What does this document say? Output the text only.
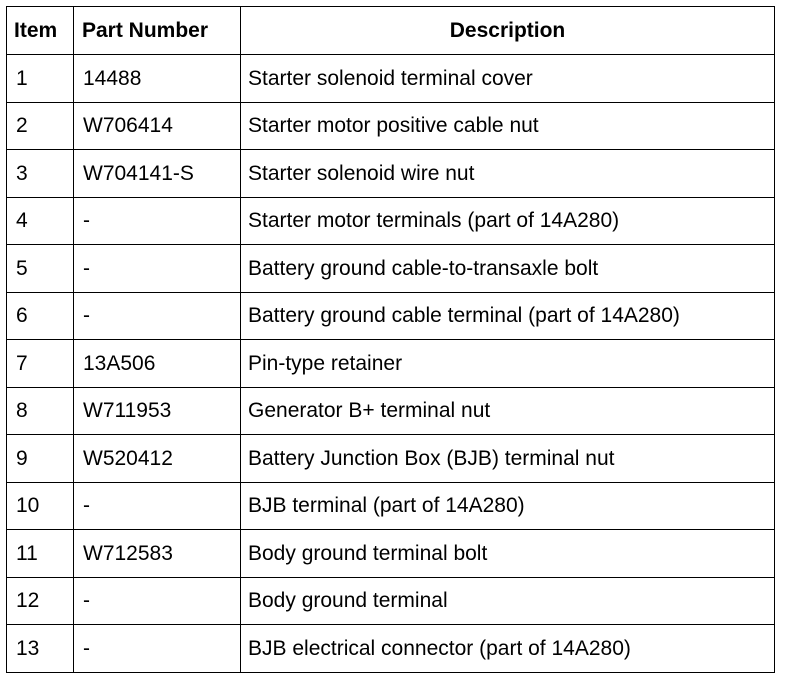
Item	Part Number	Description
1	14488	Starter solenoid terminal cover
2	W706414	Starter motor positive cable nut
3	W704141-S	Starter solenoid wire nut
4	-	Starter motor terminals (part of 14A280)
5	-	Battery ground cable-to-transaxle bolt
6	-	Battery ground cable terminal (part of 14A280)
7	13A506	Pin-type retainer
8	W711953	Generator B+ terminal nut
9	W520412	Battery Junction Box (BJB) terminal nut
10	-	BJB terminal (part of 14A280)
11	W712583	Body ground terminal bolt
12	-	Body ground terminal
13	-	BJB electrical connector (part of 14A280)
